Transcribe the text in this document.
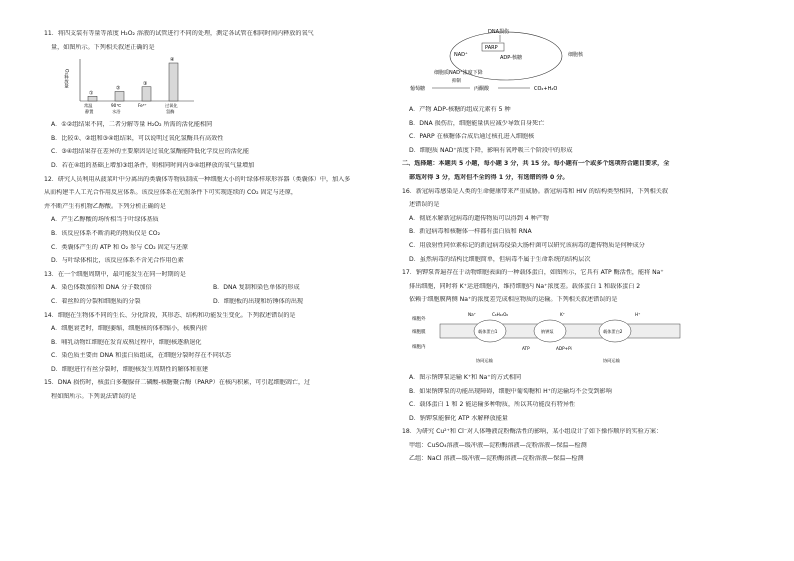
11．将四支装有等量等浓度 H₂O₂ 溶液的试管进行不同的处理，测定各试管在相同时间内释放的氧气
量，如图所示。下列相关叙述正确的是
O₂释放量
①
常温
静置
②
90℃
水浴
③
Fe³⁺
④
过氧化
氢酶
A．①②组结果不同，二者分解等量 H₂O₂ 所需的活化能相同
B．比较①、②组和③④组结果，可以说明过氧化氢酶具有高效性
C．③④组结果存在差异的主要原因是过氧化氢酶能降低化学反应的活化能
D．若在④组的基础上增加③组条件，则相同时间内③④组释放的氧气量增加
12．研究人员利用从菠菜叶中分离出的类囊体等物质制成一种细胞大小的叶绿体样球形容器（类囊体）中，加入多
从而构建半人工光合作用反应体系。该反应体系在光照条件下可实现连续的 CO₂ 固定与还原，
并不断产生有机物乙醇酸。下列分析正确的是
A．产生乙醇酸的场所相当于叶绿体基质
B．该反应体系不断消耗的物质仅是 CO₂
C．类囊体产生的 ATP 和 O₂ 参与 CO₂ 固定与还原
D．与叶绿体相比，该反应体系不含光合作用色素
13．在一个细胞周期中，最可能发生在同一时期的是
A．染色体数加倍和 DNA 分子数加倍	B．DNA 复制和染色单体的形成
C．着丝粒的分裂和细胞质的分裂	D．细胞板的出现和纺锤体的出现
14．细胞在生物体不同的生长、分化阶段，其形态、结构和功能发生变化。下列叙述错误的是
A．细胞衰老时，细胞萎缩，细胞核的体积缩小，核膜内折
B．哺乳动物红细胞在发育成熟过程中，细胞核逐渐退化
C．染色质主要由 DNA 和蛋白质组成，在细胞分裂时存在不同状态
D．细胞进行有丝分裂时，细胞核发生周期性的解体和重建
15．DNA 损伤时，核蛋白多聚腺苷二磷酸-核糖聚合酶（PARP）在核内积累，可引起细胞凋亡，过
程如图所示。下列说法错误的是
DNA损伤
PARP
NAD⁺	ADP-核糖	细胞核
细胞质NAD⁺浓度下降
抑制
葡萄糖	丙酮酸	CO₂+H₂O
A．产物 ADP-核糖的组成元素有 5 种
B．DNA 损伤后，细胞能量供应减少导致自身死亡
C．PARP 在核糖体合成后通过核孔进入细胞核
D．细胞质 NAD⁺浓度下降，影响有氧呼吸三个阶段中的形成
二、选择题：本题共 5 小题，每小题 3 分，共 15 分。每小题有一个或多个选项符合题目要求，全
部选对得 3 分，选对但不全的得 1 分，有选错的得 0 分。
16．新冠病毒感染是人类的生命健康带来严重威胁。新冠病毒和 HIV 的结构类型相同，下列相关叙
述错误的是
A．彻底水解新冠病毒的遗传物质可以得到 4 种产物
B．新冠病毒和核糖体一样都有蛋白质和 RNA
C．用放射性同位素标记的新冠病毒侵染大肠杆菌可以研究该病毒的遗传物质是何种成分
D．虽然病毒的结构比细胞简单，但病毒不属于生命系统的结构层次
17．钠钾泵普遍存在于动物细胞表面的一种载体蛋白，如图所示，它具有 ATP 酶活性，能将 Na⁺
排出细胞，同时将 K⁺运进细胞内，维持细胞内 Na⁺浓度差。载体蛋白 1 和载体蛋白 2
依赖于细胞膜两侧 Na⁺的浓度差完成相应物质的运输。下列相关叙述错误的是
细胞外
细胞膜
细胞内
载体蛋白1	钠钾泵	载体蛋白2
Na⁺	C₆H₁₂O₆	K⁺	H⁺
ATP	ADP+Pi
协同运输	协同运输
A．图示钠钾泵运输 K⁺和 Na⁺的方式相同
B．如果钠钾泵的功能出现障碍，细胞中葡萄糖和 H⁺的运输均不会受到影响
C．载体蛋白 1 和 2 能运输多种物质，所以其功能没有特异性
D．钠钾泵能催化 ATP 水解释放能量
18．为研究 Cu²⁺和 Cl⁻对人体唾液淀粉酶活性的影响，某小组设计了如下操作顺序的实验方案：
甲组：CuSO₄溶液—缓冲液—淀粉酶溶液—淀粉溶液—保温—检测
乙组：NaCl 溶液—缓冲液—淀粉酶溶液—淀粉溶液—保温—检测
